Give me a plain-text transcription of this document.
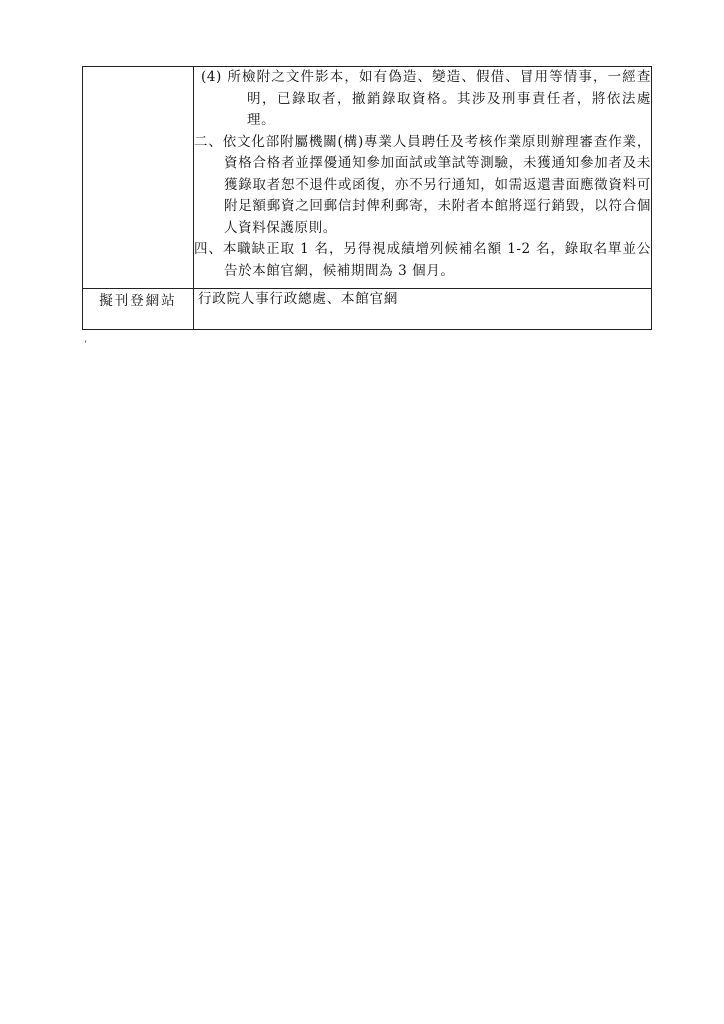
	(4) 所檢附之文件影本，如有偽造、變造、假借、冒用等情事，一經查明，已錄取者，撤銷錄取資格。其涉及刑事責任者，將依法處理。
二、依文化部附屬機關(構)專業人員聘任及考核作業原則辦理審查作業，資格合格者並擇優通知參加面試或筆試等測驗，未獲通知參加者及未獲錄取者恕不退件或函復，亦不另行通知，如需返還書面應徵資料可附足額郵資之回郵信封俾利郵寄，未附者本館將逕行銷毀，以符合個人資料保護原則。
四、本職缺正取 1 名，另得視成績增列候補名額 1-2 名，錄取名單並公告於本館官網，候補期間為 3 個月。

擬刊登網站	行政院人事行政總處、本館官網
‘
